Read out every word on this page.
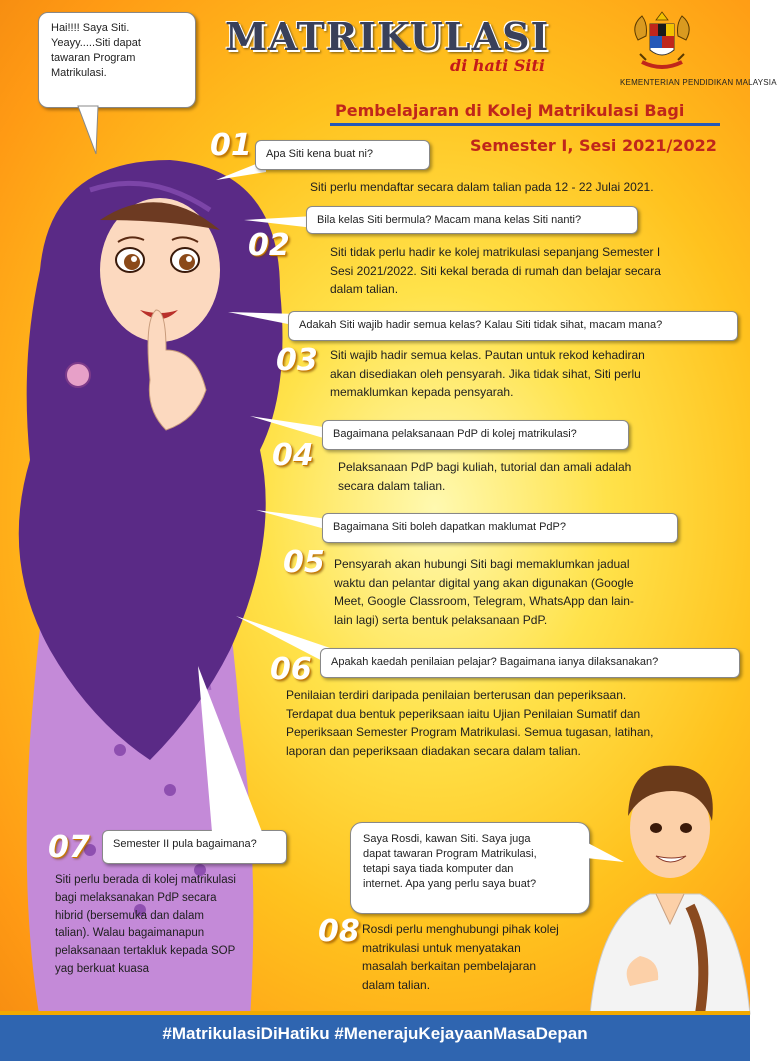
MATRIKULASI
di hati Siti
KEMENTERIAN PENDIDIKAN MALAYSIA
Pembelajaran di Kolej Matrikulasi Bagi
Semester I, Sesi 2021/2022
Hai!!!! Saya Siti.
Yeayy.....Siti dapat
tawaran Program
Matrikulasi.
01	Apa Siti kena buat ni?
Siti perlu mendaftar secara dalam talian pada 12 - 22 Julai 2021.
Bila kelas Siti bermula? Macam mana kelas Siti nanti?
02	Siti tidak perlu hadir ke kolej matrikulasi sepanjang Semester I
Sesi 2021/2022. Siti kekal berada di rumah dan belajar secara
dalam talian.
Adakah Siti wajib hadir semua kelas? Kalau Siti tidak sihat, macam mana?
03 Siti wajib hadir semua kelas. Pautan untuk rekod kehadiran
akan disediakan oleh pensyarah. Jika tidak sihat, Siti perlu
memaklumkan kepada pensyarah.
Bagaimana pelaksanaan PdP di kolej matrikulasi?
04 Pelaksanaan PdP bagi kuliah, tutorial dan amali adalah
secara dalam talian.
Bagaimana Siti boleh dapatkan maklumat PdP?
05 Pensyarah akan hubungi Siti bagi memaklumkan jadual
waktu dan pelantar digital yang akan digunakan (Google
Meet, Google Classroom, Telegram, WhatsApp dan lain-
lain lagi) serta bentuk pelaksanaan PdP.
Apakah kaedah penilaian pelajar? Bagaimana ianya dilaksanakan?
06
Penilaian terdiri daripada penilaian berterusan dan peperiksaan.
Terdapat dua bentuk peperiksaan iaitu Ujian Penilaian Sumatif dan
Peperiksaan Semester Program Matrikulasi. Semua tugasan, latihan,
laporan dan peperiksaan diadakan secara dalam talian.
07	Semester II pula bagaimana?
Siti perlu berada di kolej matrikulasi
bagi melaksanakan PdP secara
hibrid (bersemuka dan dalam
talian). Walau bagaimanapun
pelaksanaan tertakluk kepada SOP
yag berkuat kuasa
Saya Rosdi, kawan Siti. Saya juga
dapat tawaran Program Matrikulasi,
tetapi saya tiada komputer dan
internet. Apa yang perlu saya buat?
08 Rosdi perlu menghubungi pihak kolej
matrikulasi untuk menyatakan
masalah berkaitan pembelajaran
dalam talian.
#MatrikulasiDiHatiku #MenerajuKejayaanMasaDepan
